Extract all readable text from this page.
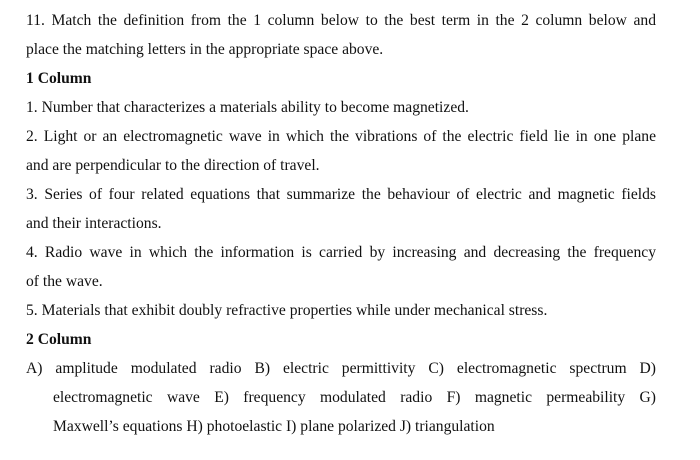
11. Match the definition from the 1 column below to the best term in the 2 column below and
place the matching letters in the appropriate space above.
1 Column
1. Number that characterizes a materials ability to become magnetized.
2. Light or an electromagnetic wave in which the vibrations of the electric field lie in one plane
and are perpendicular to the direction of travel.
3. Series of four related equations that summarize the behaviour of electric and magnetic fields
and their interactions.
4. Radio wave in which the information is carried by increasing and decreasing the frequency
of the wave.
5. Materials that exhibit doubly refractive properties while under mechanical stress.
2 Column
A) amplitude modulated radio B) electric permittivity C) electromagnetic spectrum D)
electromagnetic wave E) frequency modulated radio F) magnetic permeability G)
Maxwell’s equations H) photoelastic I) plane polarized J) triangulation
